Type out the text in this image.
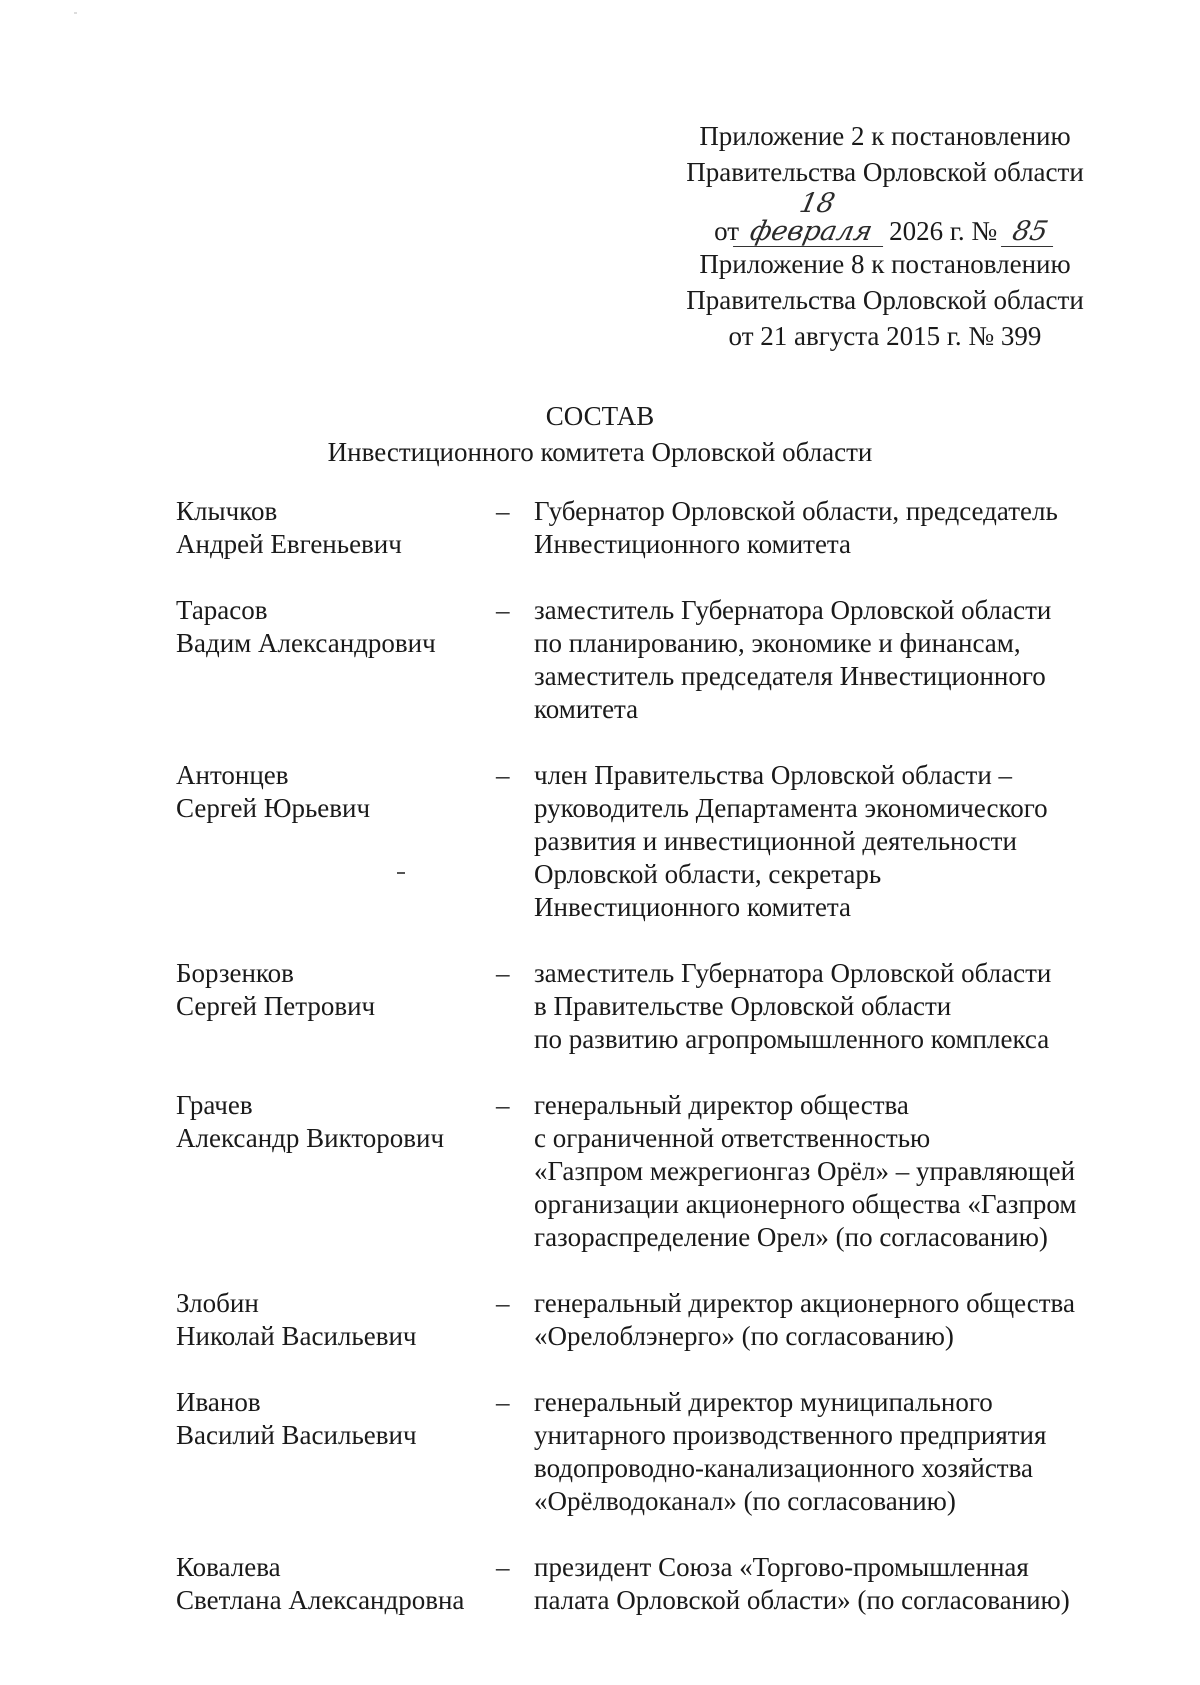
Приложение 2 к постановлению
Правительства Орловской области
от18 февраля 2026 г. № 85
Приложение 8 к постановлению
Правительства Орловской области
от 21 августа 2015 г. № 399
СОСТАВ
Инвестиционного комитета Орловской области
Клычков
Андрей Евгеньевич
– Губернатор Орловской области, председатель
Инвестиционного комитета
Тарасов
Вадим Александрович
– заместитель Губернатора Орловской области
по планированию, экономике и финансам,
заместитель председателя Инвестиционного
комитета
Антонцев
Сергей Юрьевич
– член Правительства Орловской области –
руководитель Департамента экономического
развития и инвестиционной деятельности
Орловской области, секретарь
Инвестиционного комитета
Борзенков
Сергей Петрович
– заместитель Губернатора Орловской области
в Правительстве Орловской области
по развитию агропромышленного комплекса
Грачев
Александр Викторович
– генеральный директор общества
с ограниченной ответственностью
«Газпром межрегионгаз Орёл» – управляющей
организации акционерного общества «Газпром
газораспределение Орел» (по согласованию)
Злобин
Николай Васильевич
– генеральный директор акционерного общества
«Орелоблэнерго» (по согласованию)
Иванов
Василий Васильевич
– генеральный директор муниципального
унитарного производственного предприятия
водопроводно-канализационного хозяйства
«Орёлводоканал» (по согласованию)
Ковалева
Светлана Александровна
– президент Союза «Торгово-промышленная
палата Орловской области» (по согласованию)
